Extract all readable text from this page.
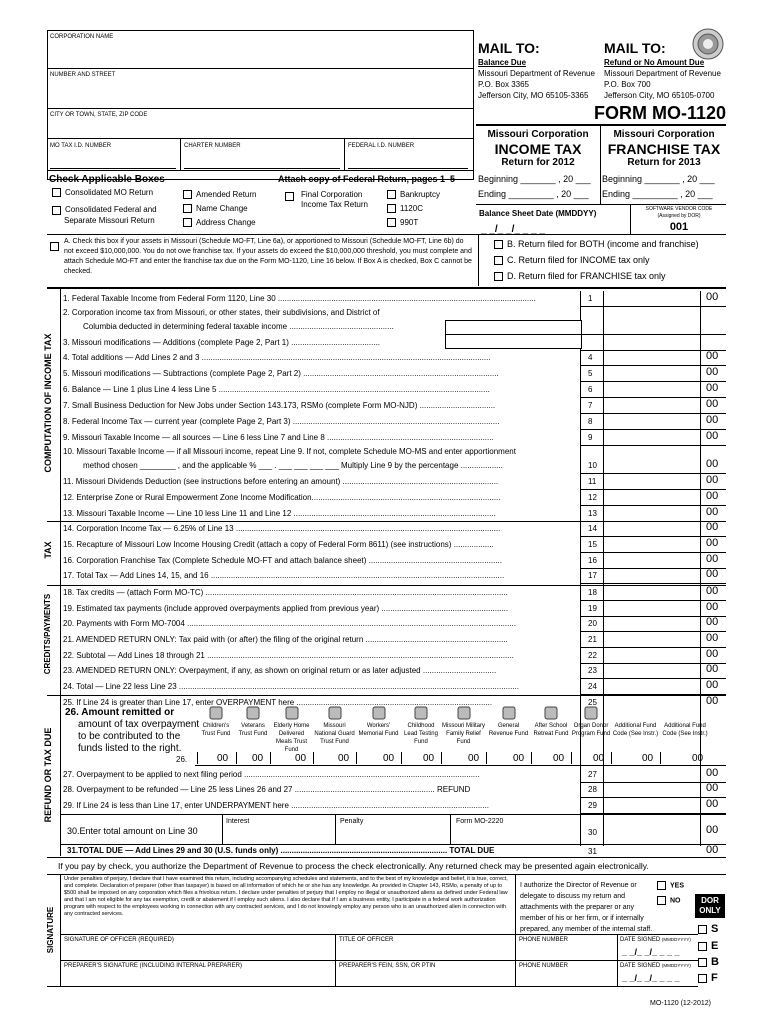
CORPORATION NAME
NUMBER AND STREET
CITY OR TOWN, STATE, ZIP CODE
MO TAX I.D. NUMBER	CHARTER NUMBER	FEDERAL I.D. NUMBER
MAIL TO:
Balance Due
Missouri Department of Revenue
P.O. Box 3365
Jefferson City, MO 65105-3365
MAIL TO:
Refund or No Amount Due
Missouri Department of Revenue
P.O. Box 700
Jefferson City, MO 65105-0700
FORM MO-1120
Missouri Corporation
INCOME TAX
Return for 2012
Beginning _______ , 20 ___
Ending _________ , 20 ___
Missouri Corporation
FRANCHISE TAX
Return for 2013
Beginning _______ , 20 ___
Ending _________ , 20 ___
Balance Sheet Date (MMDDYY)
_ _/_ _/_ _ _ _
SOFTWARE VENDOR CODE
(Assigned by DOR)
001
Check Applicable Boxes	Attach copy of Federal Return, pages 1–5
Consolidated MO Return
Consolidated Federal and Separate Missouri Return
Amended Return
Name Change
Address Change
Final Corporation Income Tax Return
Bankruptcy
1120C
990T
A. Check this box if your assets in Missouri (Schedule MO-FT, Line 6a), or apportioned to Missouri (Schedule MO-FT, Line 6b) do not exceed $10,000,000. You do not owe franchise tax. If your assets do exceed the $10,000,000 threshold, you must complete and attach Schedule MO-FT and enter the franchise tax due on the Form MO-1120, Line 16 below. If Box A is checked, Box C cannot be checked.
B. Return filed for BOTH (income and franchise)
C. Return filed for INCOME tax only
D. Return filed for FRANCHISE tax only
COMPUTATION OF INCOME TAX
TAX
CREDITS/PAYMENTS
REFUND OR TAX DUE
1. Federal Taxable Income from Federal Form 1120, Line 30 ....................................................................................................................	1	00
2. Corporation income tax from Missouri, or other states, their subdivisions, and District of
Columbia deducted in determining federal taxable income ...............................................
3. Missouri modifications — Additions (complete Page 2, Part 1) ........................................
4. Total additions — Add Lines 2 and 3 ..................................................................................................................................	4	00
5. Missouri modifications — Subtractions (complete Page 2, Part 2) ........................................................................................	5	00
6. Balance — Line 1 plus Line 4 less Line 5 ..........................................................................................................................	6	00
7. Small Business Deduction for New Jobs under Section 143.173, RSMo (complete Form MO-NJD) ..................................	7	00
8. Federal Income Tax — current year (complete Page 2, Part 3) .............................................................................................	8	00
9. Missouri Taxable Income — all sources — Line 6 less Line 7 and Line 8 ...........................................................................	9	00
10. Missouri Taxable Income — if all Missouri income, repeat Line 9. If not, complete Schedule MO-MS and enter apportionment
method chosen ________ , and the applicable % ___ . ___ ___ ___ ___ Multiply Line 9 by the percentage ...................	10	00
11. Missouri Dividends Deduction (see instructions before entering an amount) ......................................................................	11	00
12. Enterprise Zone or Rural Empowerment Zone Income Modification.....................................................................................	12	00
13. Missouri Taxable Income — Line 10 less Line 11 and Line 12 ...........................................................................................	13	00
14. Corporation Income Tax — 6.25% of Line 13 .......................................................................................................................	14	00
15. Recapture of Missouri Low Income Housing Credit (attach a copy of Federal Form 8611) (see instructions) ..................	15	00
16. Corporation Franchise Tax (Complete Schedule MO-FT and attach balance sheet) ............................................................	16	00
17. Total Tax — Add Lines 14, 15, and 16 ....................................................................................................................................	17	00
18. Tax credits — (attach Form MO-TC) ........................................................................................................................................	18	00
19. Estimated tax payments (include approved overpayments applied from previous year) .........................................................	19	00
20. Payments with Form MO-7004 ....................................................................................................................................................	20	00
21. AMENDED RETURN ONLY: Tax paid with (or after) the filing of the original return ................................................................	21	00
22. Subtotal — Add Lines 18 through 21 ..........................................................................................................................................	22	00
23. AMENDED RETURN ONLY: Overpayment, if any, as shown on original return or as later adjusted .................................	23	00
24. Total — Line 22 less Line 23 .........................................................................................................................................................	24	00
25. If Line 24 is greater than Line 17, enter OVERPAYMENT here ........................................................................................	25	00
26. Amount remitted or
amount of tax overpayment
to be contributed to the
funds listed to the right.
26.
Children's Trust Fund
00
Veterans Trust Fund
00
Elderly Home Delivered Meals Trust Fund
00
Missouri National Guard Trust Fund
00
Workers' Memorial Fund
00
Childhood Lead Testing Fund
00
Missouri Military Family Relief Fund
00
General Revenue Fund
00
After School Retreat Fund
00
Organ Donor Program Fund
00
Additional Fund Code (See Instr.)
00
Additional Fund Code (See Instr.)
00
27. Overpayment to be applied to next filing period ..........................................................................................................	27	00
28. Overpayment to be refunded — Line 25 less Lines 26 and 27 ............................................................... REFUND	28	00
29. If Line 24 is less than Line 17, enter UNDERPAYMENT here .........................................................................................	29	00
Interest	Penalty	Form MO-2220
30.Enter total amount on Line 30	30	00
31.TOTAL DUE — Add Lines 29 and 30 (U.S. funds only) ........................................................................... TOTAL DUE	31	00
If you pay by check, you authorize the Department of Revenue to process the check electronically. Any returned check may be presented again electronically.
SIGNATURE
Under penalties of perjury, I declare that I have examined this return, including accompanying schedules and statements, and to the best of my knowledge and belief, it is true, correct, and complete. Declaration of preparer (other than taxpayer) is based on all information of which he or she has any knowledge. As provided in Chapter 143, RSMo, a penalty of up to $500 shall be imposed on any corporation which files a frivolous return. I declare under penalties of perjury that I employ no illegal or unauthorized aliens as defined under Federal law and that I am not eligible for any tax exemption, credit or abatement if I employ such aliens. I also declare that if I am a business entity, I participate in a federal work authorization program with respect to the employees working in connection with any contracted services, and I do not knowingly employ any person who is an unauthorized alien in connection with any contracted services.
I authorize the Director of Revenue or delegate to discuss my return and attachments with the preparer or any member of his or her firm, or if internally prepared, any member of the internal staff.
YES
NO	DOR ONLY
S
E
B
F
SIGNATURE OF OFFICER (REQUIRED)	TITLE OF OFFICER	PHONE NUMBER	DATE SIGNED (MMDDYYYY)
_ _/_ _/_ _ _ _
PREPARER'S SIGNATURE (INCLUDING INTERNAL PREPARER)	PREPARER'S FEIN, SSN, OR PTIN	PHONE NUMBER	DATE SIGNED (MMDDYYYY)
_ _/_ _/_ _ _ _
MO-1120 (12-2012)
